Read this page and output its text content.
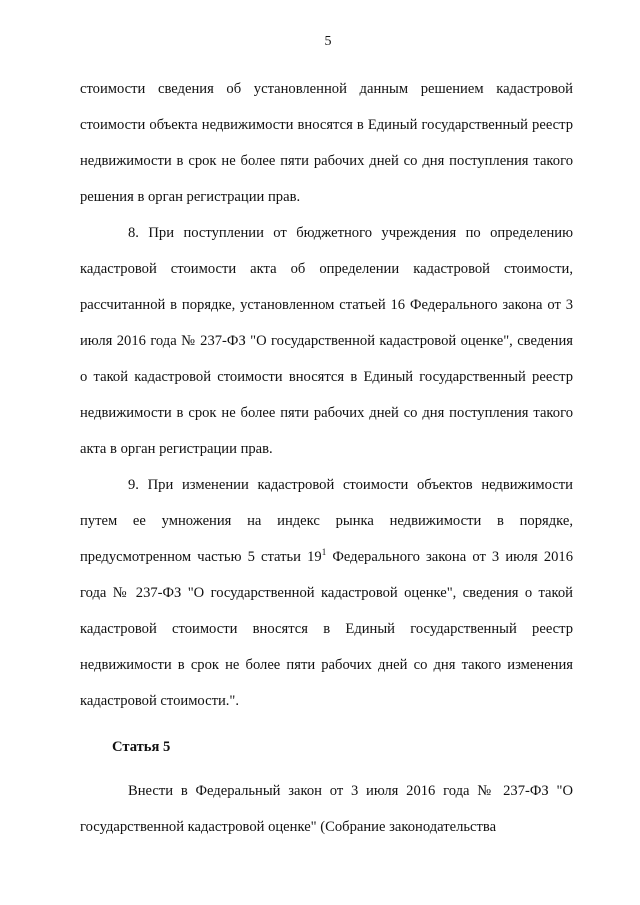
5

стоимости сведения об установленной данным решением кадастровой стоимости объекта недвижимости вносятся в Единый государственный реестр недвижимости в срок не более пяти рабочих дней со дня поступления такого решения в орган регистрации прав.

8. При поступлении от бюджетного учреждения по определению кадастровой стоимости акта об определении кадастровой стоимости, рассчитанной в порядке, установленном статьей 16 Федерального закона от 3 июля 2016 года № 237-ФЗ "О государственной кадастровой оценке", сведения о такой кадастровой стоимости вносятся в Единый государственный реестр недвижимости в срок не более пяти рабочих дней со дня поступления такого акта в орган регистрации прав.

9. При изменении кадастровой стоимости объектов недвижимости путем ее умножения на индекс рынка недвижимости в порядке, предусмотренном частью 5 статьи $19^1$ Федерального закона от 3 июля 2016 года № 237-ФЗ "О государственной кадастровой оценке", сведения о такой кадастровой стоимости вносятся в Единый государственный реестр недвижимости в срок не более пяти рабочих дней со дня такого изменения кадастровой стоимости.".

Статья 5

Внести в Федеральный закон от 3 июля 2016 года № 237-ФЗ "О государственной кадастровой оценке" (Собрание законодательства
